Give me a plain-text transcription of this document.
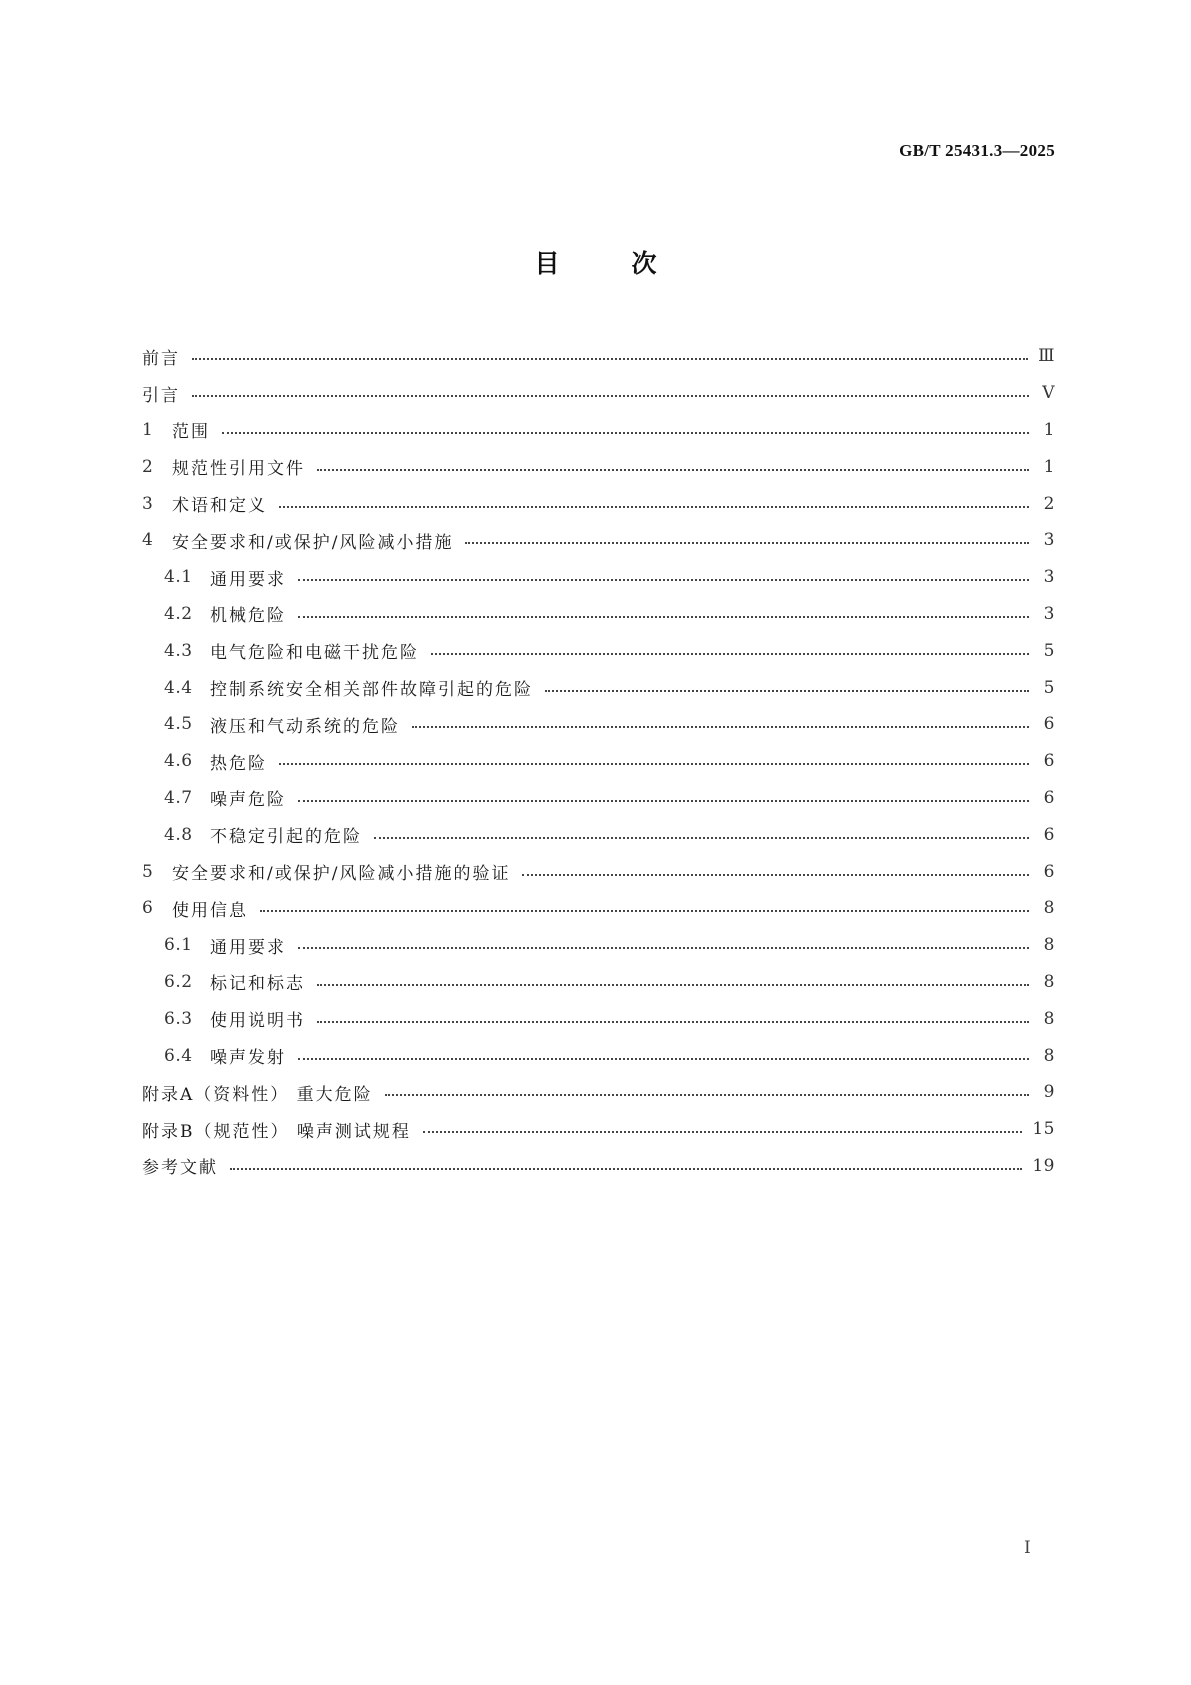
GB/T 25431.3—2025
目	次
前言	Ⅲ
引言	Ⅴ
1	范围	1
2	规范性引用文件	1
3	术语和定义	2
4	安全要求和/或保护/风险减小措施	3
4.1	通用要求	3
4.2	机械危险	3
4.3	电气危险和电磁干扰危险	5
4.4	控制系统安全相关部件故障引起的危险	5
4.5	液压和气动系统的危险	6
4.6	热危险	6
4.7	噪声危险	6
4.8	不稳定引起的危险	6
5	安全要求和/或保护/风险减小措施的验证	6
6	使用信息	8
6.1	通用要求	8
6.2	标记和标志	8
6.3	使用说明书	8
6.4	噪声发射	8
附录A（资料性） 重大危险	9
附录B（规范性） 噪声测试规程	15
参考文献	19
Ⅰ
